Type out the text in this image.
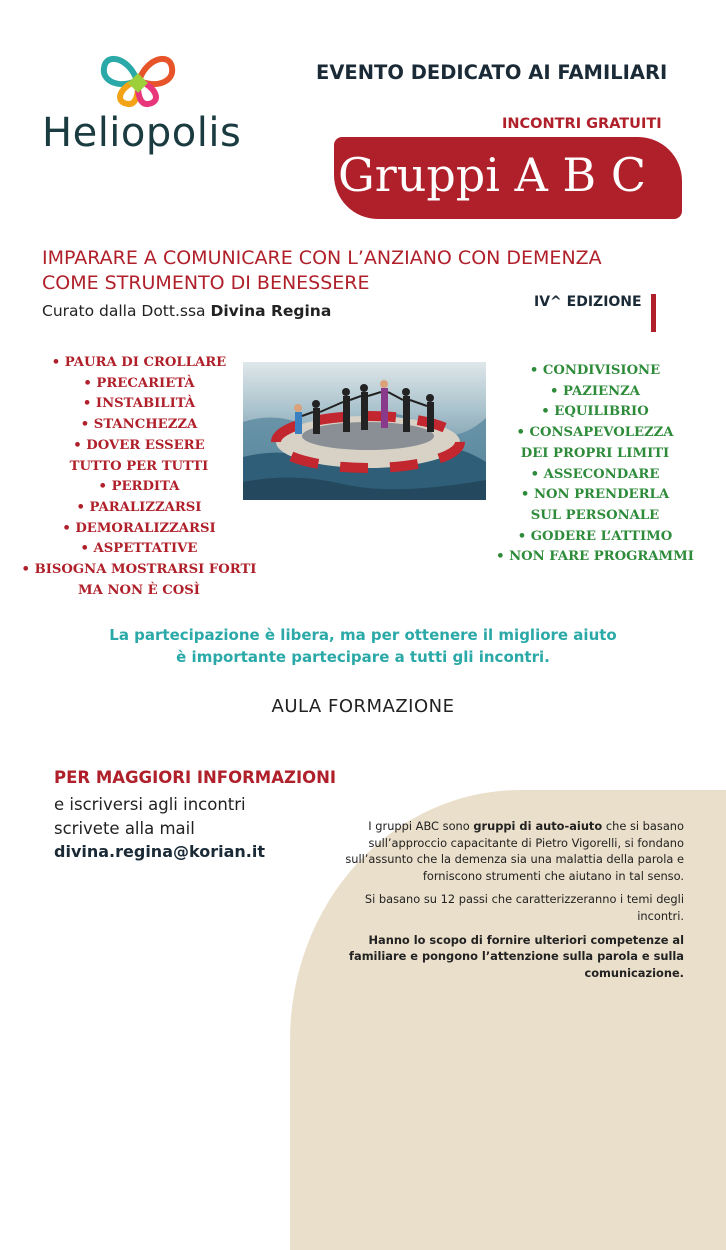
Heliopolis
EVENTO DEDICATO AI FAMILIARI
INCONTRI GRATUITI
Gruppi A B C
IMPARARE A COMUNICARE CON L’ANZIANO CON DEMENZA
COME STRUMENTO DI BENESSERE
Curato dalla Dott.ssa Divina Regina	IV^ EDIZIONE
• PAURA DI CROLLARE
• PRECARIETÀ
• INSTABILITÀ
• STANCHEZZA
• DOVER ESSERE
TUTTO PER TUTTI
• PERDITA
• PARALIZZARSI
• DEMORALIZZARSI
• ASPETTATIVE
• BISOGNA MOSTRARSI FORTI
MA NON È COSÌ
• CONDIVISIONE
• PAZIENZA
• EQUILIBRIO
• CONSAPEVOLEZZA
DEI PROPRI LIMITI
• ASSECONDARE
• NON PRENDERLA
SUL PERSONALE
• GODERE L’ATTIMO
• NON FARE PROGRAMMI
La partecipazione è libera, ma per ottenere il migliore aiuto
è importante partecipare a tutti gli incontri.
AULA FORMAZIONE

I gruppi ABC sono gruppi di auto-aiuto che si basano sull’approccio capacitante di Pietro Vigorelli, si fondano sull’assunto che la demenza sia una malattia della parola e forniscono strumenti che aiutano in tal senso.

Si basano su 12 passi che caratterizzeranno i temi degli incontri.

Hanno lo scopo di fornire ulteriori competenze al familiare e pongono l’attenzione sulla parola e sulla comunicazione.

PER MAGGIORI INFORMAZIONI
e iscriversi agli incontri
scrivete alla mail
divina.regina@korian.it
